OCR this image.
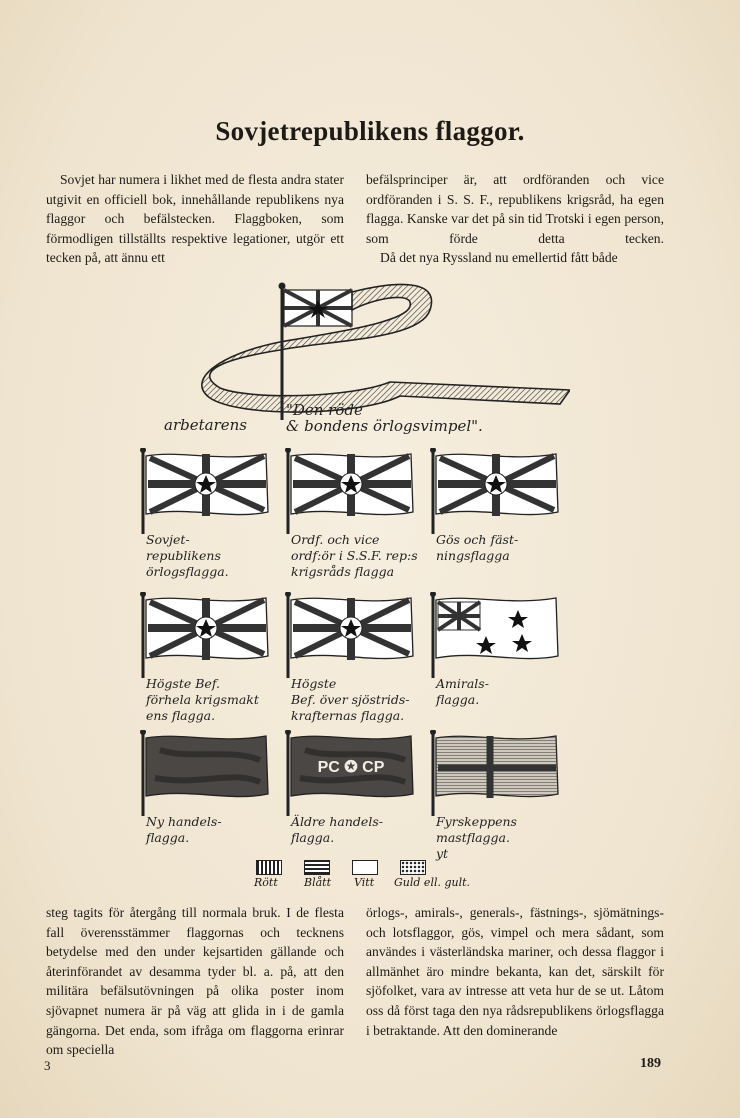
Sovjetrepublikens flaggor.

Sovjet har numera i likhet med de flesta andra stater utgivit en officiell bok, innehållande republikens nya flaggor och befälstecken. Flaggboken, som förmodligen tillställts respektive legationer, utgör ett tecken på, att ännu ett

befälsprinciper är, att ordföranden och vice ordföranden i S. S. F., republikens krigsråd, ha egen flagga. Kanske var det på sin tid Trotski i egen person, som förde detta tecken.

Då det nya Ryssland nu emellertid fått både

arbetarens
"Den röde
& bondens örlogsvimpel".
Sovjet-
republikens
örlogsflagga.
Ordf. och vice
ordf:ör i S.S.F. rep:s
krigsråds flagga
Gös och fäst-
ningsflagga
Högste Bef.
förhela krigsmakt
ens flagga.
Högste
Bef. över sjöstrids-
krafternas flagga.
Amirals-
flagga.
Ny handels-
flagga.
PC ✪ CP
Äldre handels-
flagga.
Fyrskeppens
mastflagga.
yt
Rött Blått Vitt Guld ell. gult.

steg tagits för återgång till normala bruk. I de flesta fall överensstämmer flaggornas och tecknens betydelse med den under kejsartiden gällande och återinförandet av desamma tyder bl. a. på, att den militära befälsutövningen på olika poster inom sjövapnet numera är på väg att glida in i de gamla gängorna. Det enda, som ifråga om flaggorna erinrar om speciella

örlogs-, amirals-, generals-, fästnings-, sjömätnings- och lotsflaggor, gös, vimpel och mera sådant, som användes i västerländska mariner, och dessa flaggor i allmänhet äro mindre bekanta, kan det, särskilt för sjöfolket, vara av intresse att veta hur de se ut. Låtom oss då först taga den nya rådsrepublikens örlogsflagga i betraktande. Att den dominerande

3	189
